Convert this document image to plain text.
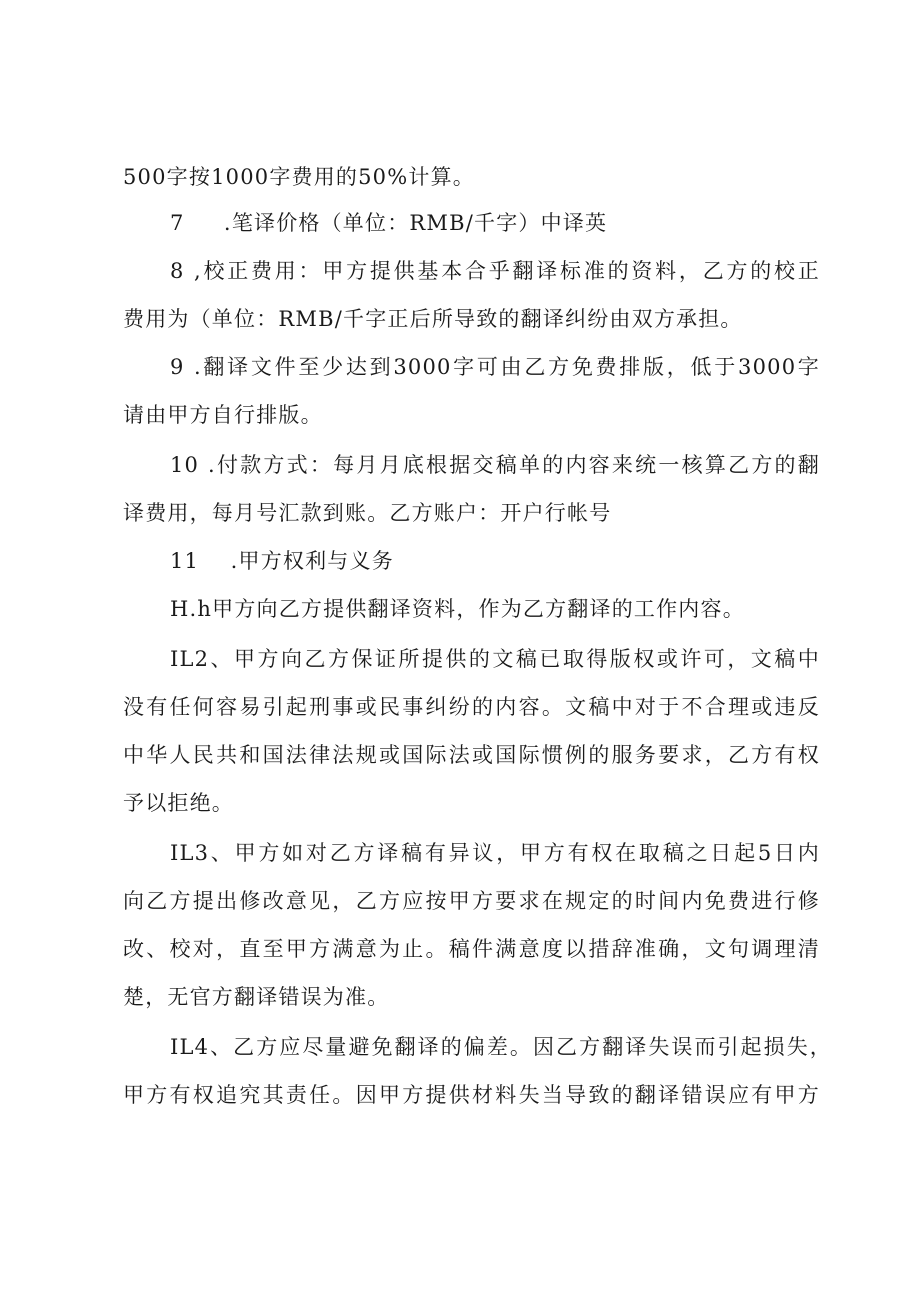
500字按1000字费用的50%计算。
7     .笔译价格（单位：RMB/千字）中译英
8 ,校正费用：甲方提供基本合乎翻译标准的资料，乙方的校正
费用为（单位：RMB/千字正后所导致的翻译纠纷由双方承担。
9 .翻译文件至少达到3000字可由乙方免费排版，低于3000字
请由甲方自行排版。
10 .付款方式：每月月底根据交稿单的内容来统一核算乙方的翻
译费用，每月号汇款到账。乙方账户：开户行帐号
11    .甲方权利与义务
H.h甲方向乙方提供翻译资料，作为乙方翻译的工作内容。
IL2、甲方向乙方保证所提供的文稿已取得版权或许可，文稿中
没有任何容易引起刑事或民事纠纷的内容。文稿中对于不合理或违反
中华人民共和国法律法规或国际法或国际惯例的服务要求，乙方有权
予以拒绝。
IL3、甲方如对乙方译稿有异议，甲方有权在取稿之日起5日内
向乙方提出修改意见，乙方应按甲方要求在规定的时间内免费进行修
改、校对，直至甲方满意为止。稿件满意度以措辞准确，文句调理清
楚，无官方翻译错误为准。
IL4、乙方应尽量避免翻译的偏差。因乙方翻译失误而引起损失，
甲方有权追究其责任。因甲方提供材料失当导致的翻译错误应有甲方
